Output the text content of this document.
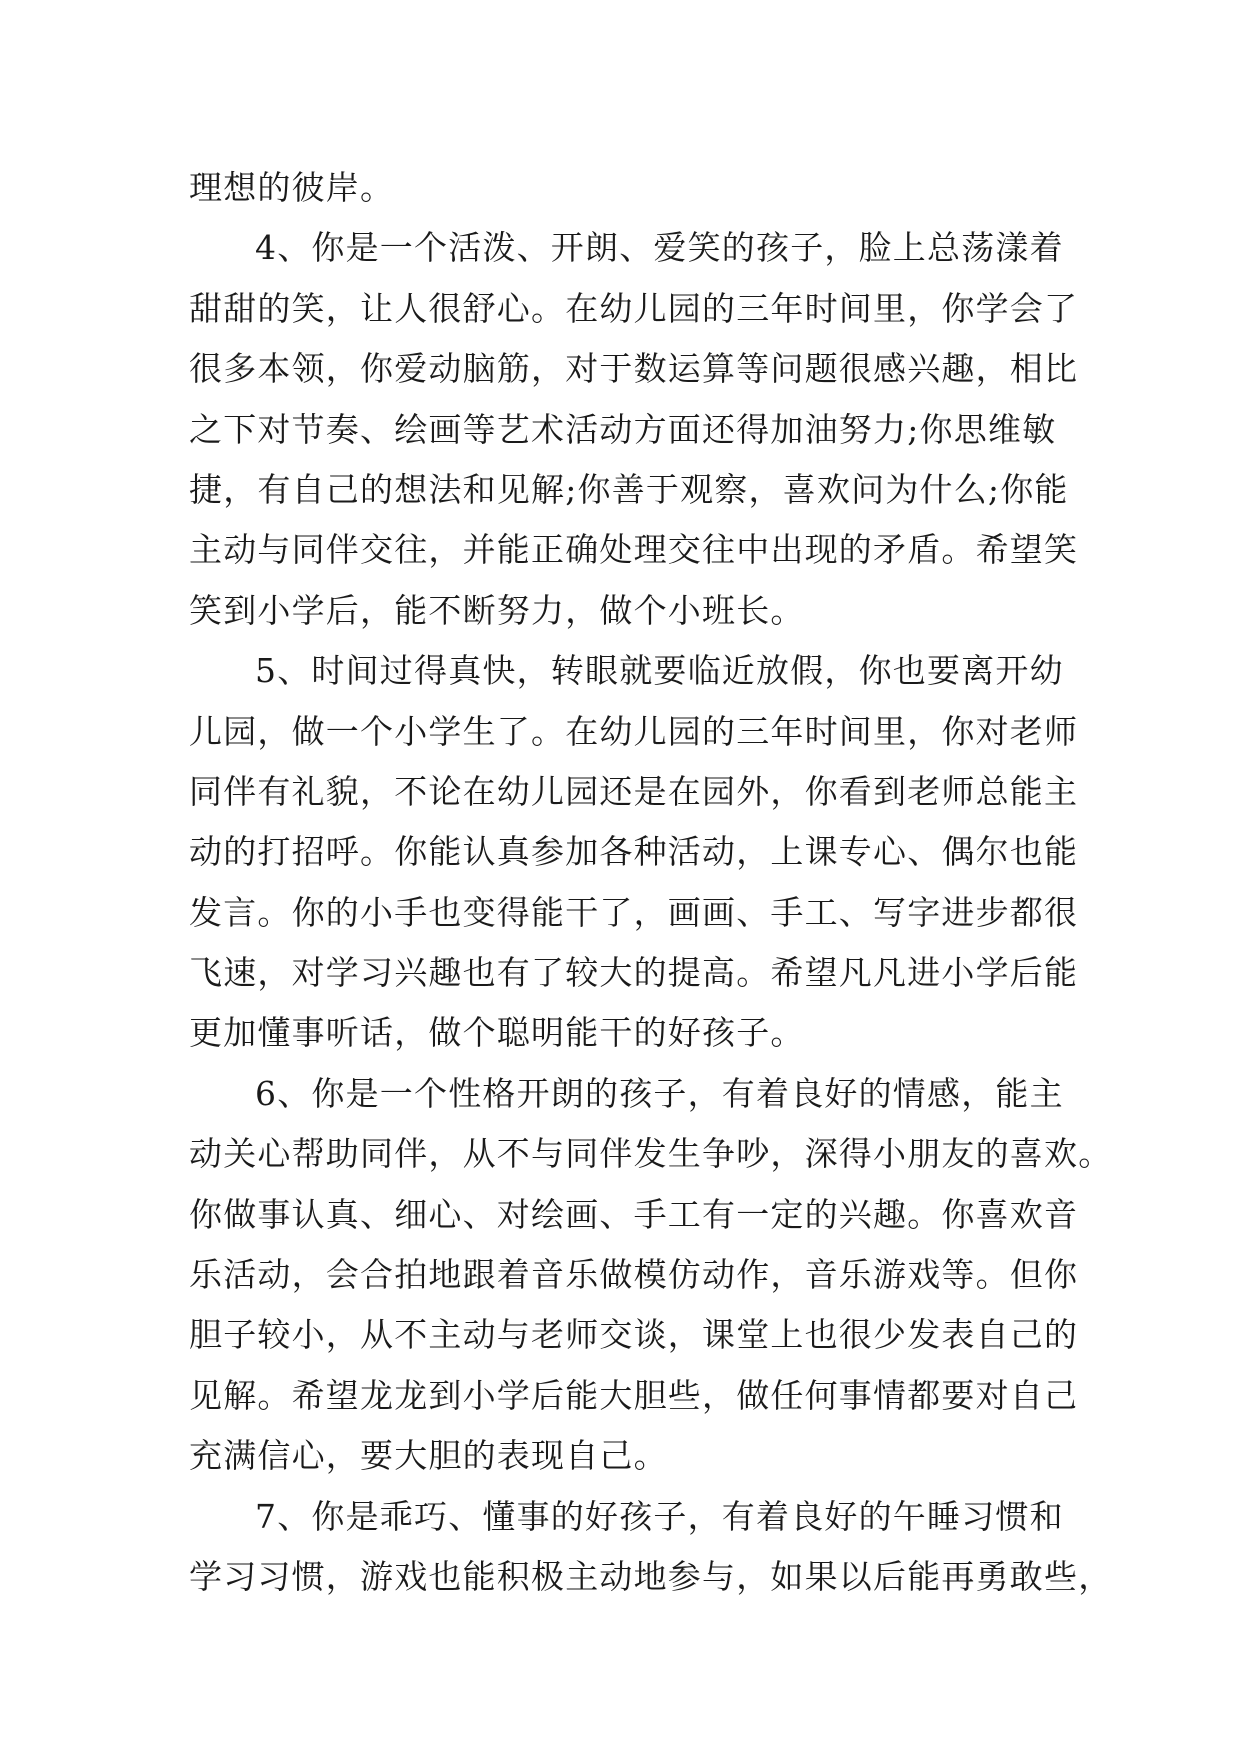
理想的彼岸。
4、你是一个活泼、开朗、爱笑的孩子，脸上总荡漾着
甜甜的笑，让人很舒心。在幼儿园的三年时间里，你学会了
很多本领，你爱动脑筋，对于数运算等问题很感兴趣，相比
之下对节奏、绘画等艺术活动方面还得加油努力;你思维敏
捷，有自己的想法和见解;你善于观察，喜欢问为什么;你能
主动与同伴交往，并能正确处理交往中出现的矛盾。希望笑
笑到小学后，能不断努力，做个小班长。
5、时间过得真快，转眼就要临近放假，你也要离开幼
儿园，做一个小学生了。在幼儿园的三年时间里，你对老师
同伴有礼貌，不论在幼儿园还是在园外，你看到老师总能主
动的打招呼。你能认真参加各种活动，上课专心、偶尔也能
发言。你的小手也变得能干了，画画、手工、写字进步都很
飞速，对学习兴趣也有了较大的提高。希望凡凡进小学后能
更加懂事听话，做个聪明能干的好孩子。
6、你是一个性格开朗的孩子，有着良好的情感，能主
动关心帮助同伴，从不与同伴发生争吵，深得小朋友的喜欢。
你做事认真、细心、对绘画、手工有一定的兴趣。你喜欢音
乐活动，会合拍地跟着音乐做模仿动作，音乐游戏等。但你
胆子较小，从不主动与老师交谈，课堂上也很少发表自己的
见解。希望龙龙到小学后能大胆些，做任何事情都要对自己
充满信心，要大胆的表现自己。
7、你是乖巧、懂事的好孩子，有着良好的午睡习惯和
学习习惯，游戏也能积极主动地参与，如果以后能再勇敢些，
